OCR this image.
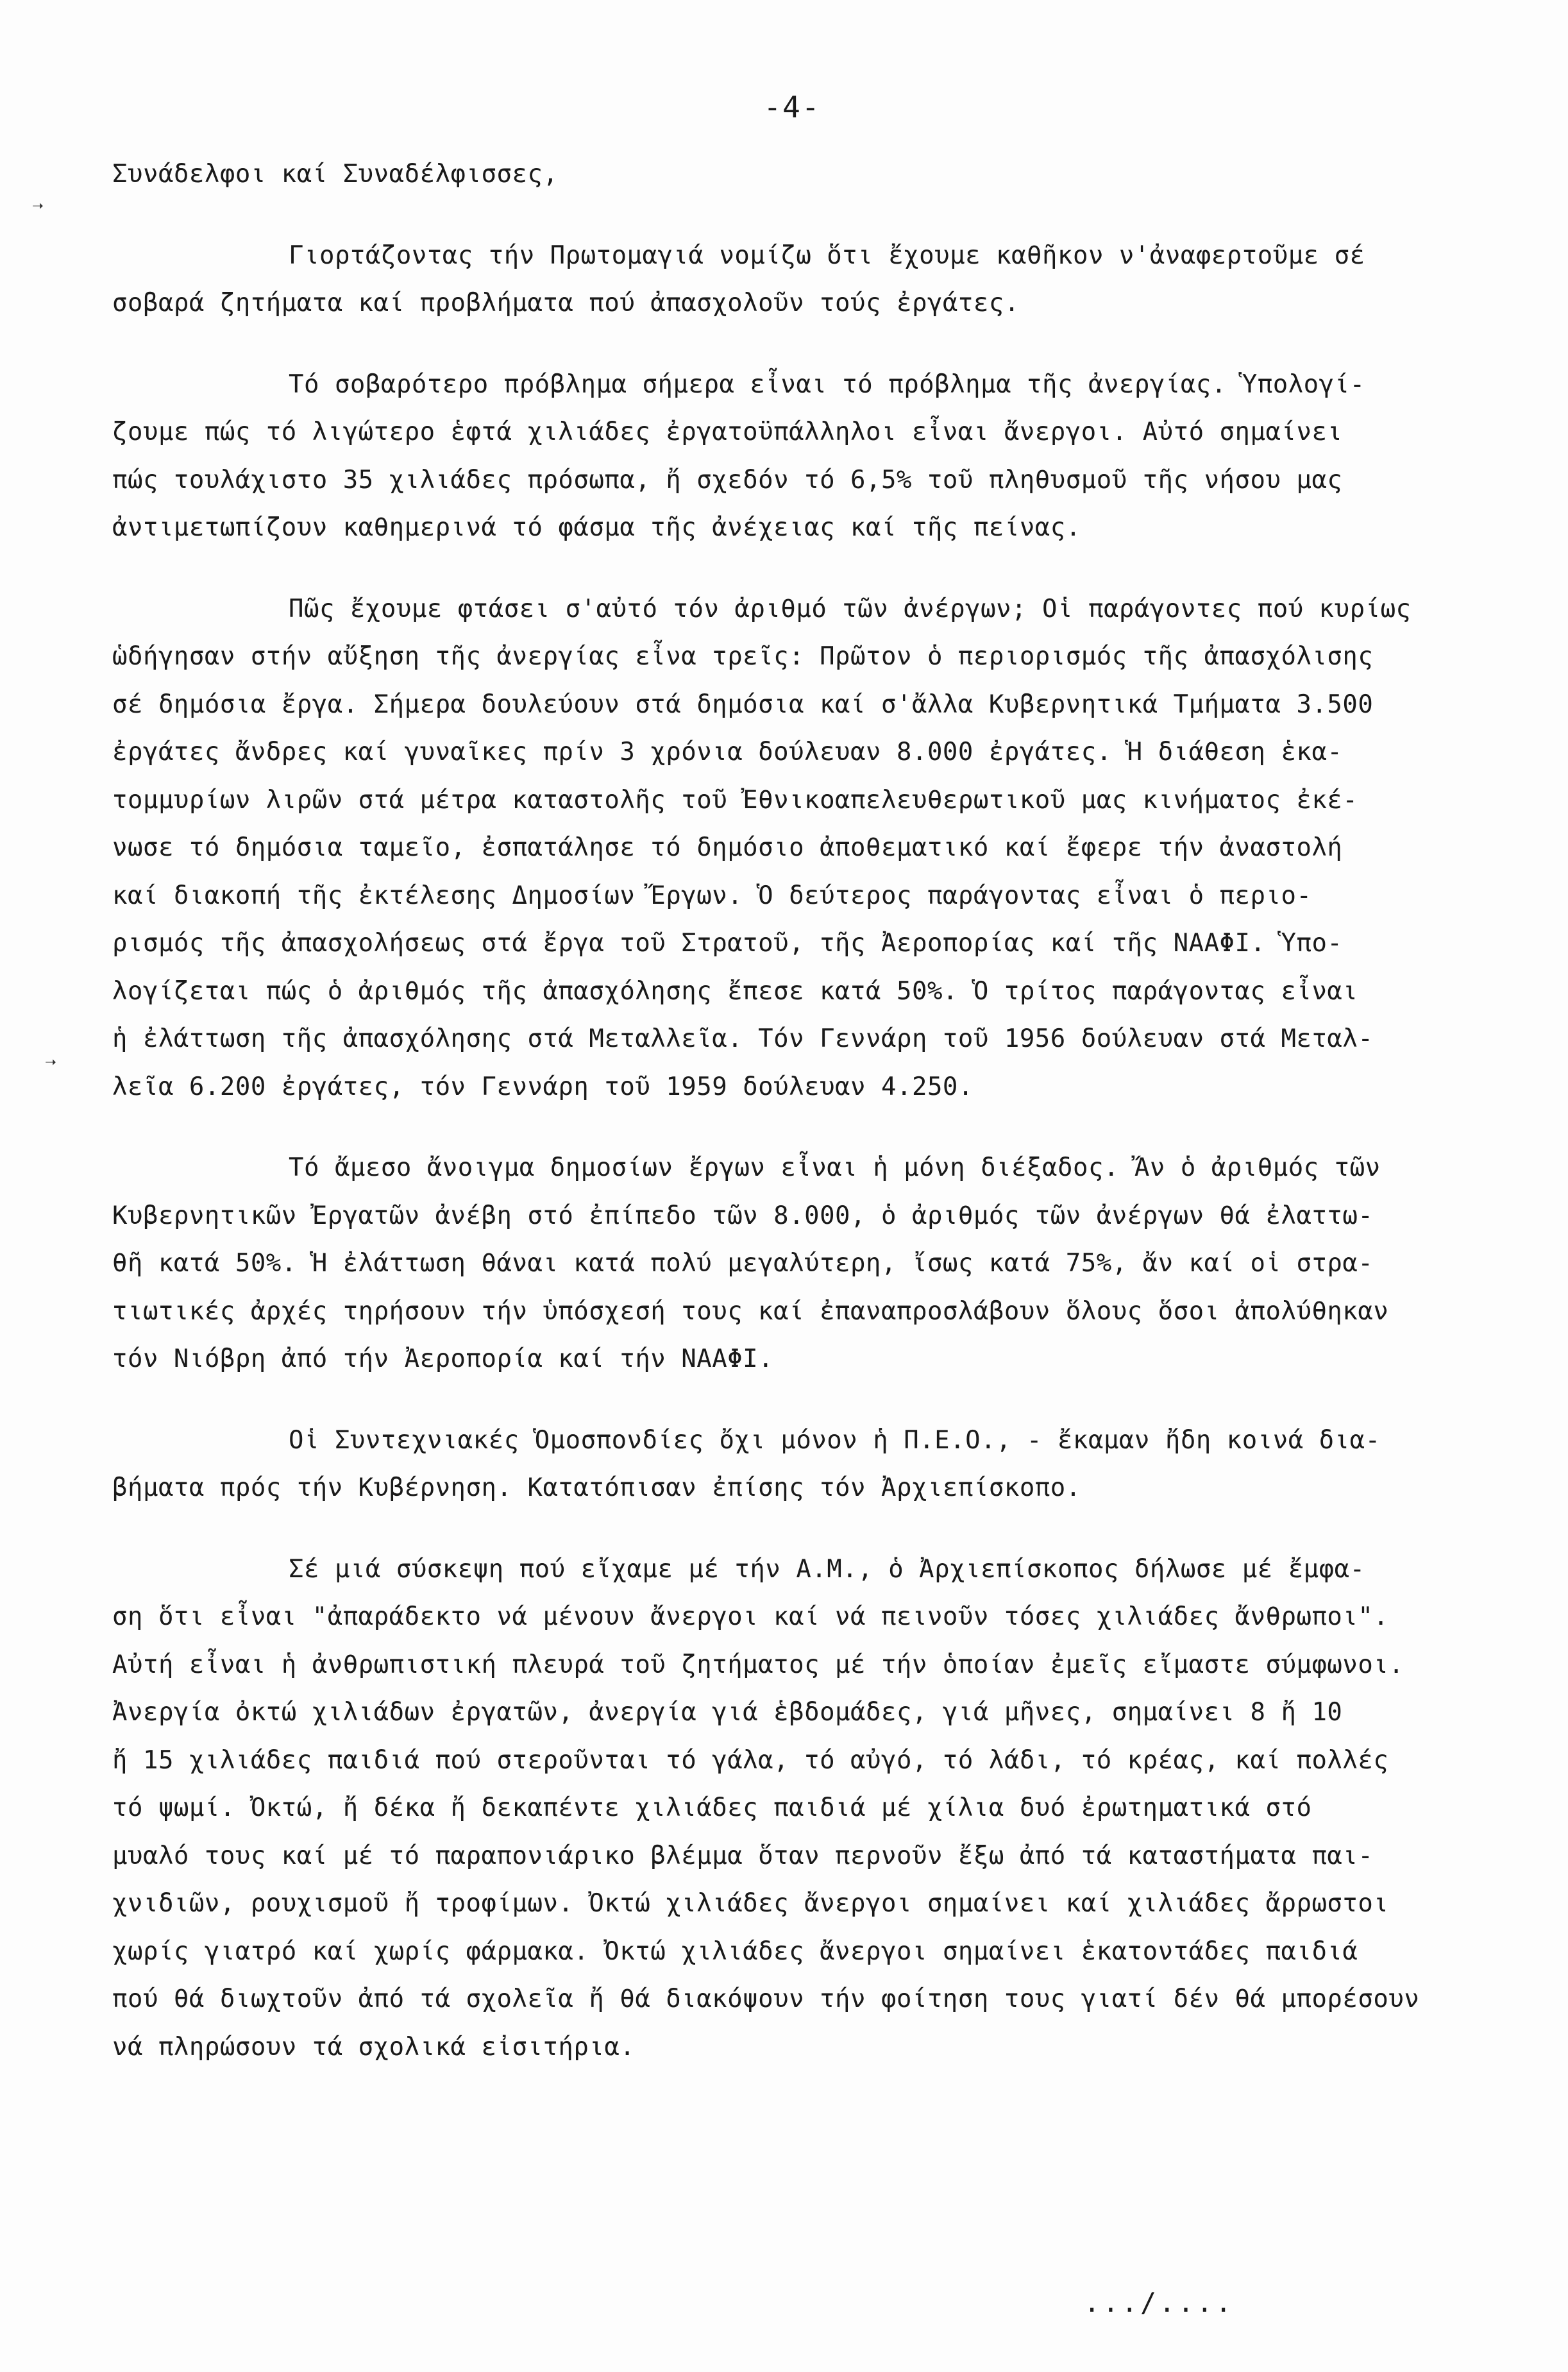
-4-

Συνάδελφοι καί Συναδέλφισσες,

Γιορτάζοντας τήν Πρωτομαγιά νομίζω ὅτι ἔχουμε καθῆκον ν'ἀναφερτοῦμε σέ

σοβαρά ζητήματα καί προβλήματα πού ἀπασχολοῦν τούς ἐργάτες.

Τό σοβαρότερο πρόβλημα σήμερα εἶναι τό πρόβλημα τῆς ἀνεργίας. Ὑπολογί-

ζουμε πώς τό λιγώτερο ἑφτά χιλιάδες ἐργατοϋπάλληλοι εἶναι ἄνεργοι. Αὐτό σημαίνει

πώς τουλάχιστο 35 χιλιάδες πρόσωπα, ἤ σχεδόν τό 6,5% τοῦ πληθυσμοῦ τῆς νήσου μας

ἀντιμετωπίζουν καθημερινά τό φάσμα τῆς ἀνέχειας καί τῆς πείνας.

Πῶς ἔχουμε φτάσει σ'αὐτό τόν ἀριθμό τῶν ἀνέργων; Οἱ παράγοντες πού κυρίως

ὡδήγησαν στήν αὔξηση τῆς ἀνεργίας εἶνα τρεῖς: Πρῶτον ὁ περιορισμός τῆς ἀπασχόλισης

σέ δημόσια ἔργα. Σήμερα δουλεύουν στά δημόσια καί σ'ἄλλα Κυβερνητικά Τμήματα 3.500

ἐργάτες ἄνδρες καί γυναῖκες πρίν 3 χρόνια δούλευαν 8.000 ἐργάτες. Ἡ διάθεση ἑκα-

τομμυρίων λιρῶν στά μέτρα καταστολῆς τοῦ Ἐθνικοαπελευθερωτικοῦ μας κινήματος ἐκέ-

νωσε τό δημόσια ταμεῖο, ἐσπατάλησε τό δημόσιο ἀποθεματικό καί ἔφερε τήν ἀναστολή

καί διακοπή τῆς ἐκτέλεσης Δημοσίων Ἔργων. Ὁ δεύτερος παράγοντας εἶναι ὁ περιο-

ρισμός τῆς ἀπασχολήσεως στά ἔργα τοῦ Στρατοῦ, τῆς Ἀεροπορίας καί τῆς ΝΑΑΦΙ. Ὑπο-

λογίζεται πώς ὁ ἀριθμός τῆς ἀπασχόλησης ἔπεσε κατά 50%. Ὁ τρίτος παράγοντας εἶναι

ἡ ἐλάττωση τῆς ἀπασχόλησης στά Μεταλλεῖα. Τόν Γεννάρη τοῦ 1956 δούλευαν στά Μεταλ-

λεῖα 6.200 ἐργάτες, τόν Γεννάρη τοῦ 1959 δούλευαν 4.250.

Τό ἄμεσο ἄνοιγμα δημοσίων ἔργων εἶναι ἡ μόνη διέξαδος. Ἄν ὁ ἀριθμός τῶν

Κυβερνητικῶν Ἐργατῶν ἀνέβη στό ἐπίπεδο τῶν 8.000, ὁ ἀριθμός τῶν ἀνέργων θά ἐλαττω-

θῆ κατά 50%. Ἡ ἐλάττωση θάναι κατά πολύ μεγαλύτερη, ἴσως κατά 75%, ἄν καί οἱ στρα-

τιωτικές ἀρχές τηρήσουν τήν ὑπόσχεσή τους καί ἐπαναπροσλάβουν ὅλους ὅσοι ἀπολύθηκαν

τόν Νιόβρη ἀπό τήν Ἀεροπορία καί τήν ΝΑΑΦΙ.

Οἱ Συντεχνιακές Ὁμοσπονδίες ὄχι μόνον ἡ Π.Ε.Ο., - ἔκαμαν ἤδη κοινά δια-

βήματα πρός τήν Κυβέρνηση. Κατατόπισαν ἐπίσης τόν Ἀρχιεπίσκοπο.

Σέ μιά σύσκεψη πού εἴχαμε μέ τήν Α.Μ., ὁ Ἀρχιεπίσκοπος δήλωσε μέ ἔμφα-

ση ὅτι εἶναι "ἀπαράδεκτο νά μένουν ἄνεργοι καί νά πεινοῦν τόσες χιλιάδες ἄνθρωποι".

Αὐτή εἶναι ἡ ἀνθρωπιστική πλευρά τοῦ ζητήματος μέ τήν ὁποίαν ἐμεῖς εἴμαστε σύμφωνοι.

Ἀνεργία ὀκτώ χιλιάδων ἐργατῶν, ἀνεργία γιά ἑβδομάδες, γιά μῆνες, σημαίνει 8 ἤ 10

ἤ 15 χιλιάδες παιδιά πού στεροῦνται τό γάλα, τό αὐγό, τό λάδι, τό κρέας, καί πολλές

τό ψωμί. Ὀκτώ, ἤ δέκα ἤ δεκαπέντε χιλιάδες παιδιά μέ χίλια δυό ἐρωτηματικά στό

μυαλό τους καί μέ τό παραπονιάρικο βλέμμα ὅταν περνοῦν ἔξω ἀπό τά καταστήματα παι-

χνιδιῶν, ρουχισμοῦ ἤ τροφίμων. Ὀκτώ χιλιάδες ἄνεργοι σημαίνει καί χιλιάδες ἄρρωστοι

χωρίς γιατρό καί χωρίς φάρμακα. Ὀκτώ χιλιάδες ἄνεργοι σημαίνει ἑκατοντάδες παιδιά

πού θά διωχτοῦν ἀπό τά σχολεῖα ἤ θά διακόψουν τήν φοίτηση τους γιατί δέν θά μπορέσουν

νά πληρώσουν τά σχολικά εἰσιτήρια.

.../....
➝
➝
